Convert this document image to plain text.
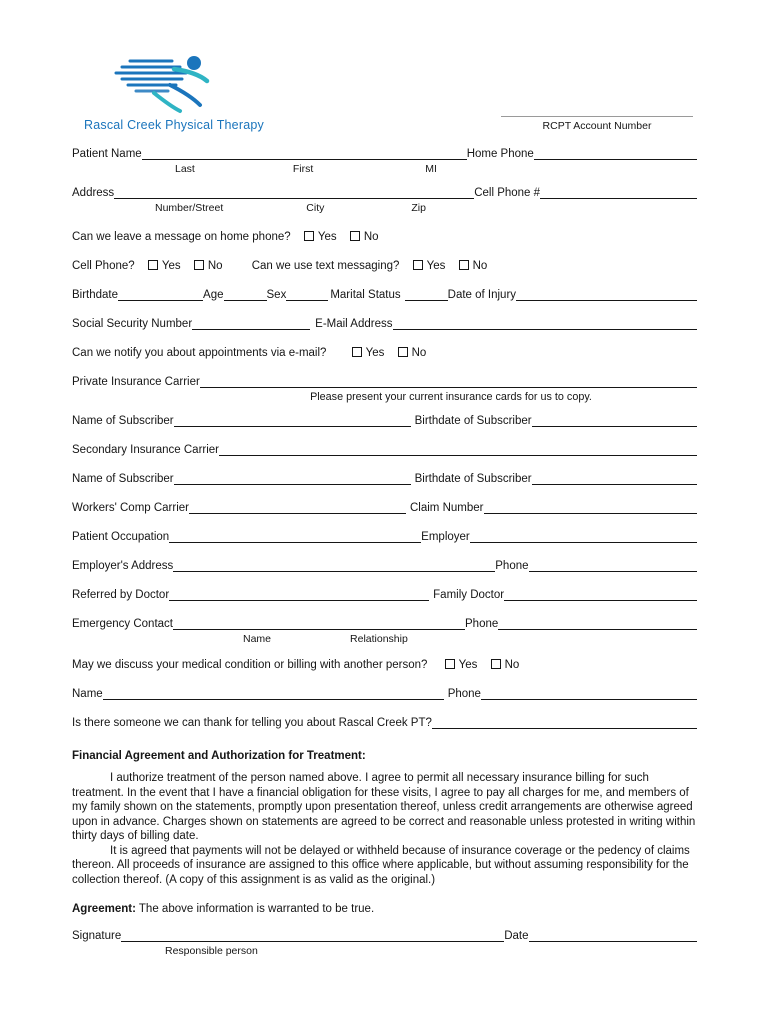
Rascal Creek Physical Therapy	RCPT Account Number
Patient Name	Home Phone
Last	First	MI
Address	Cell Phone #
Number/Street	City	Zip
Can we leave a message on home phone? Yes No
Cell Phone? Yes No	Can we use text messaging? Yes No
Birthdate	Age	Sex	Marital Status	Date of Injury
Social Security Number	E-Mail Address
Can we notify you about appointments via e-mail?	Yes No
Private Insurance Carrier
Please present your current insurance cards for us to copy.
Name of Subscriber	Birthdate of Subscriber
Secondary Insurance Carrier
Name of Subscriber	Birthdate of Subscriber
Workers' Comp Carrier	Claim Number
Patient Occupation	Employer
Employer's Address	Phone
Referred by Doctor	Family Doctor
Emergency Contact	Phone
Name	Relationship
May we discuss your medical condition or billing with another person?	Yes No
Name	Phone
Is there someone we can thank for telling you about Rascal Creek PT?
Financial Agreement and Authorization for Treatment:

I authorize treatment of the person named above. I agree to permit all necessary insurance billing for such treatment. In the event that I have a financial obligation for these visits, I agree to pay all charges for me, and members of my family shown on the statements, promptly upon presentation thereof, unless credit arrangements are otherwise agreed upon in advance. Charges shown on statements are agreed to be correct and reasonable unless protested in writing within thirty days of billing date.

It is agreed that payments will not be delayed or withheld because of insurance coverage or the pedency of claims thereon. All proceeds of insurance are assigned to this office where applicable, but without assuming responsibility for the collection thereof. (A copy of this assignment is as valid as the original.)

Agreement: The above information is warranted to be true.
Signature	Date
Responsible person
